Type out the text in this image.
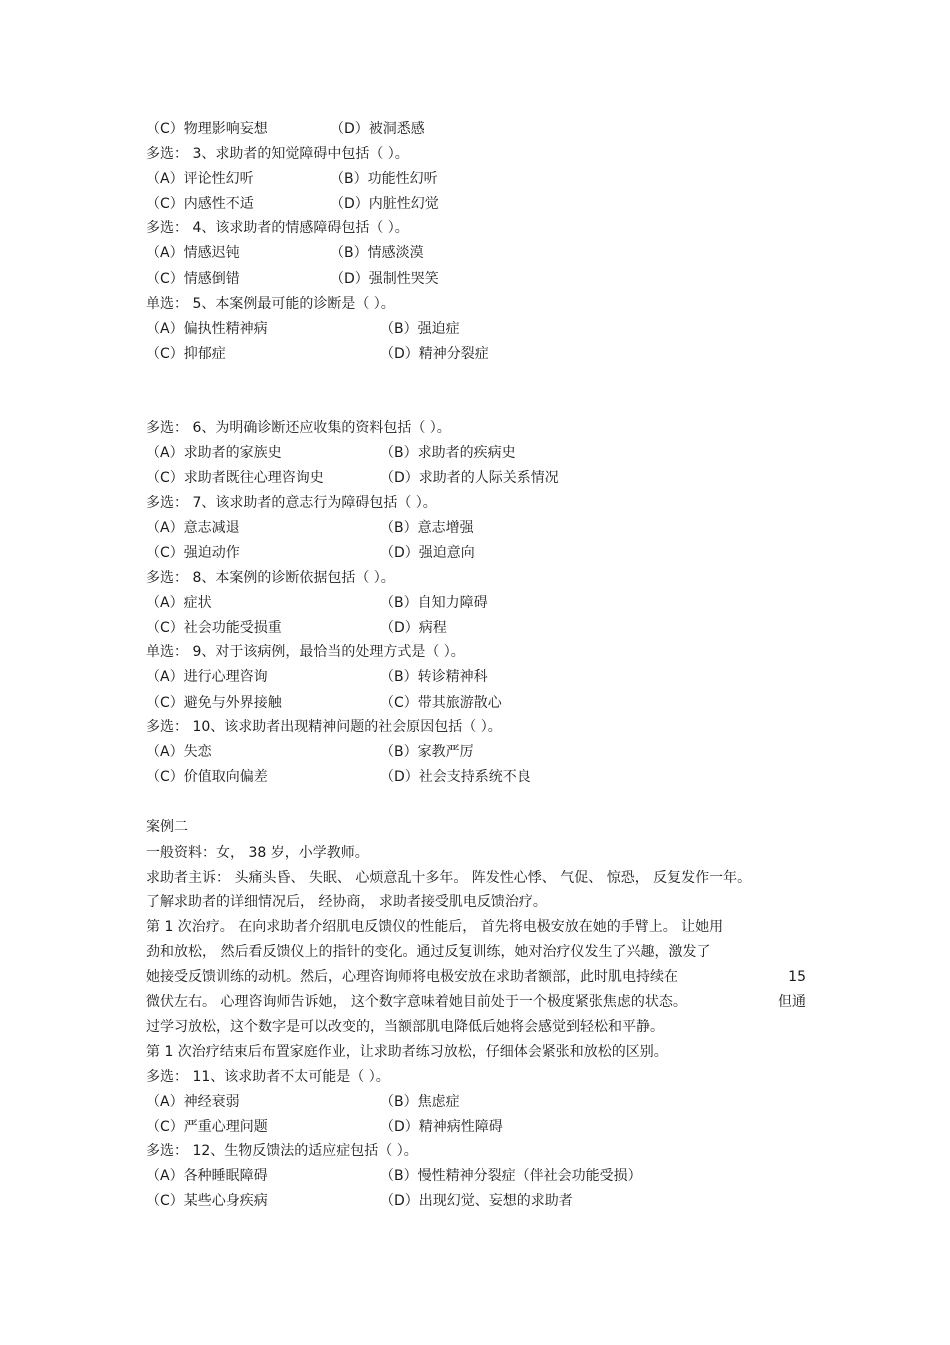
（C）物理影响妄想	（D）被洞悉感
多选： 3、求助者的知觉障碍中包括（ ）。
（A）评论性幻听	（B）功能性幻听
（C）内感性不适	（D）内脏性幻觉
多选： 4、该求助者的情感障碍包括（ ）。
（A）情感迟钝	（B）情感淡漠
（C）情感倒错	（D）强制性哭笑
单选： 5、本案例最可能的诊断是（ ）。
（A）偏执性精神病	（B）强迫症
（C）抑郁症	（D）精神分裂症
多选： 6、为明确诊断还应收集的资料包括（ ）。
（A）求助者的家族史	（B）求助者的疾病史
（C）求助者既往心理咨询史	（D）求助者的人际关系情况
多选： 7、该求助者的意志行为障碍包括（ ）。
（A）意志减退	（B）意志增强
（C）强迫动作	（D）强迫意向
多选： 8、本案例的诊断依据包括（ ）。
（A）症状	（B）自知力障碍
（C）社会功能受损重	（D）病程
单选： 9、对于该病例，最恰当的处理方式是（ ）。
（A）进行心理咨询	（B）转诊精神科
（C）避免与外界接触	（C）带其旅游散心
多选： 10、该求助者出现精神问题的社会原因包括（ ）。
（A）失恋	（B）家教严厉
（C）价值取向偏差	（D）社会支持系统不良
案例二
一般资料：女， 38 岁，小学教师。
求助者主诉： 头痛头昏、 失眠、 心烦意乱十多年。 阵发性心悸、 气促、 惊恐， 反复发作一年。
了解求助者的详细情况后， 经协商， 求助者接受肌电反馈治疗。
第 1 次治疗。 在向求助者介绍肌电反馈仪的性能后， 首先将电极安放在她的手臂上。 让她用
劲和放松， 然后看反馈仪上的指针的变化。通过反复训练，她对治疗仪发生了兴趣，激发了
她接受反馈训练的动机。然后，心理咨询师将电极安放在求助者额部，此时肌电持续在	15
微伏左右。 心理咨询师告诉她， 这个数字意味着她目前处于一个极度紧张焦虑的状态。	但通
过学习放松，这个数字是可以改变的，当额部肌电降低后她将会感觉到轻松和平静。
第 1 次治疗结束后布置家庭作业，让求助者练习放松，仔细体会紧张和放松的区别。
多选： 11、该求助者不太可能是（ ）。
（A）神经衰弱	（B）焦虑症
（C）严重心理问题	（D）精神病性障碍
多选： 12、生物反馈法的适应症包括（ ）。
（A）各种睡眠障碍	（B）慢性精神分裂症（伴社会功能受损）
（C）某些心身疾病	（D）出现幻觉、妄想的求助者
